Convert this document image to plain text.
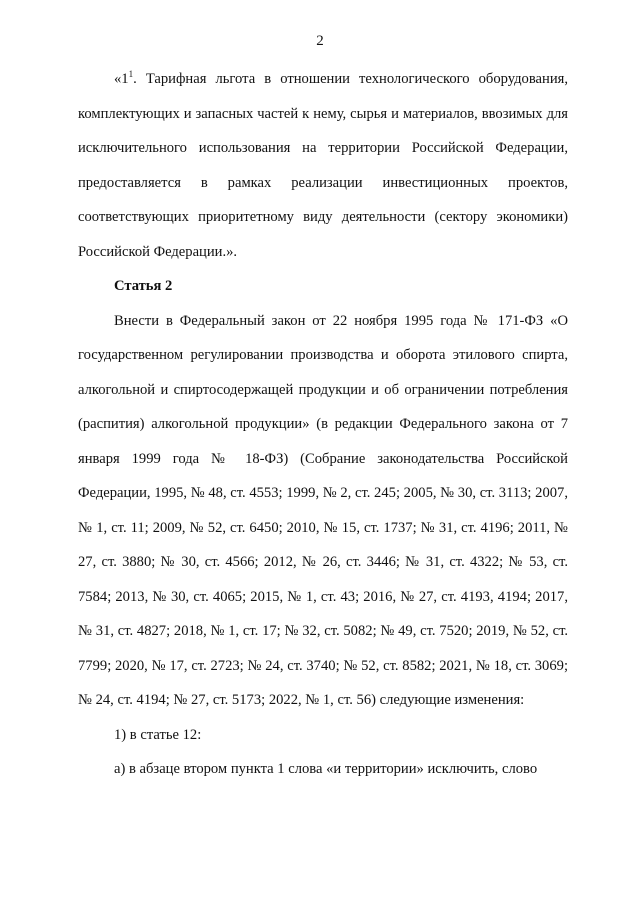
2

«$1^1$. Тарифная льгота в отношении технологического оборудования, комплектующих и запасных частей к нему, сырья и материалов, ввозимых для исключительного использования на территории Российской Федерации, предоставляется в рамках реализации инвестиционных проектов, соответствующих приоритетному виду деятельности (сектору экономики) Российской Федерации.».

Статья 2

Внести в Федеральный закон от 22 ноября 1995 года № 171-ФЗ «О государственном регулировании производства и оборота этилового спирта, алкогольной и спиртосодержащей продукции и об ограничении потребления (распития) алкогольной продукции» (в редакции Федерального закона от 7 января 1999 года № 18-ФЗ) (Собрание законодательства Российской Федерации, 1995, № 48, ст. 4553; 1999, № 2, ст. 245; 2005, № 30, ст. 3113; 2007, № 1, ст. 11; 2009, № 52, ст. 6450; 2010, № 15, ст. 1737; № 31, ст. 4196; 2011, № 27, ст. 3880; № 30, ст. 4566; 2012, № 26, ст. 3446; № 31, ст. 4322; № 53, ст. 7584; 2013, № 30, ст. 4065; 2015, № 1, ст. 43; 2016, № 27, ст. 4193, 4194; 2017, № 31, ст. 4827; 2018, № 1, ст. 17; № 32, ст. 5082; № 49, ст. 7520; 2019, № 52, ст. 7799; 2020, № 17, ст. 2723; № 24, ст. 3740; № 52, ст. 8582; 2021, № 18, ст. 3069; № 24, ст. 4194; № 27, ст. 5173; 2022, № 1, ст. 56) следующие изменения:

1) в статье 12:

а) в абзаце втором пункта 1 слова «и территории» исключить, слово
